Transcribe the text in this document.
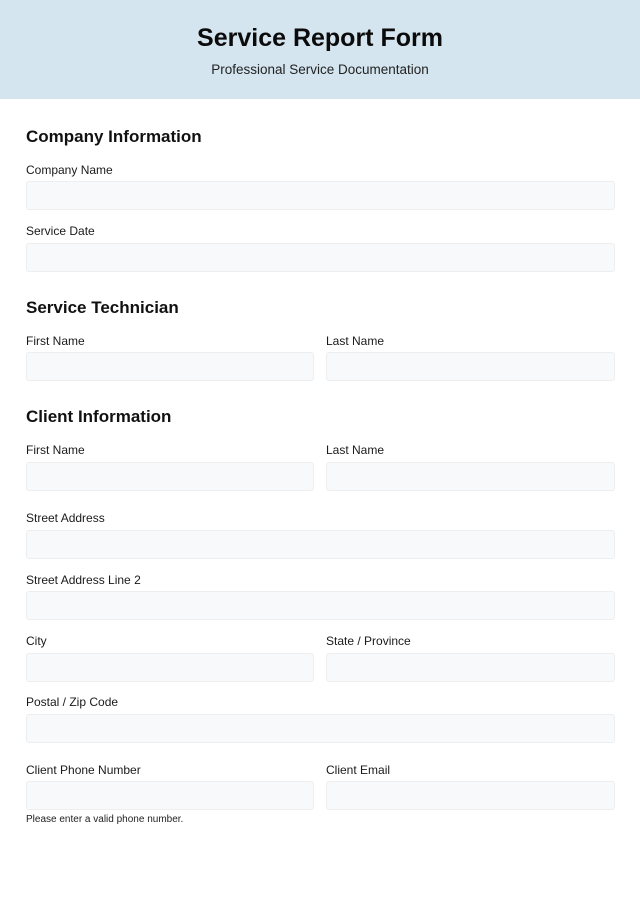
Service Report Form
Professional Service Documentation
Company Information
Company Name
Service Date
Service Technician
First Name	Last Name
Client Information
First Name	Last Name
Street Address
Street Address Line 2
City	State / Province
Postal / Zip Code
Client Phone Number	Client Email
Please enter a valid phone number.
